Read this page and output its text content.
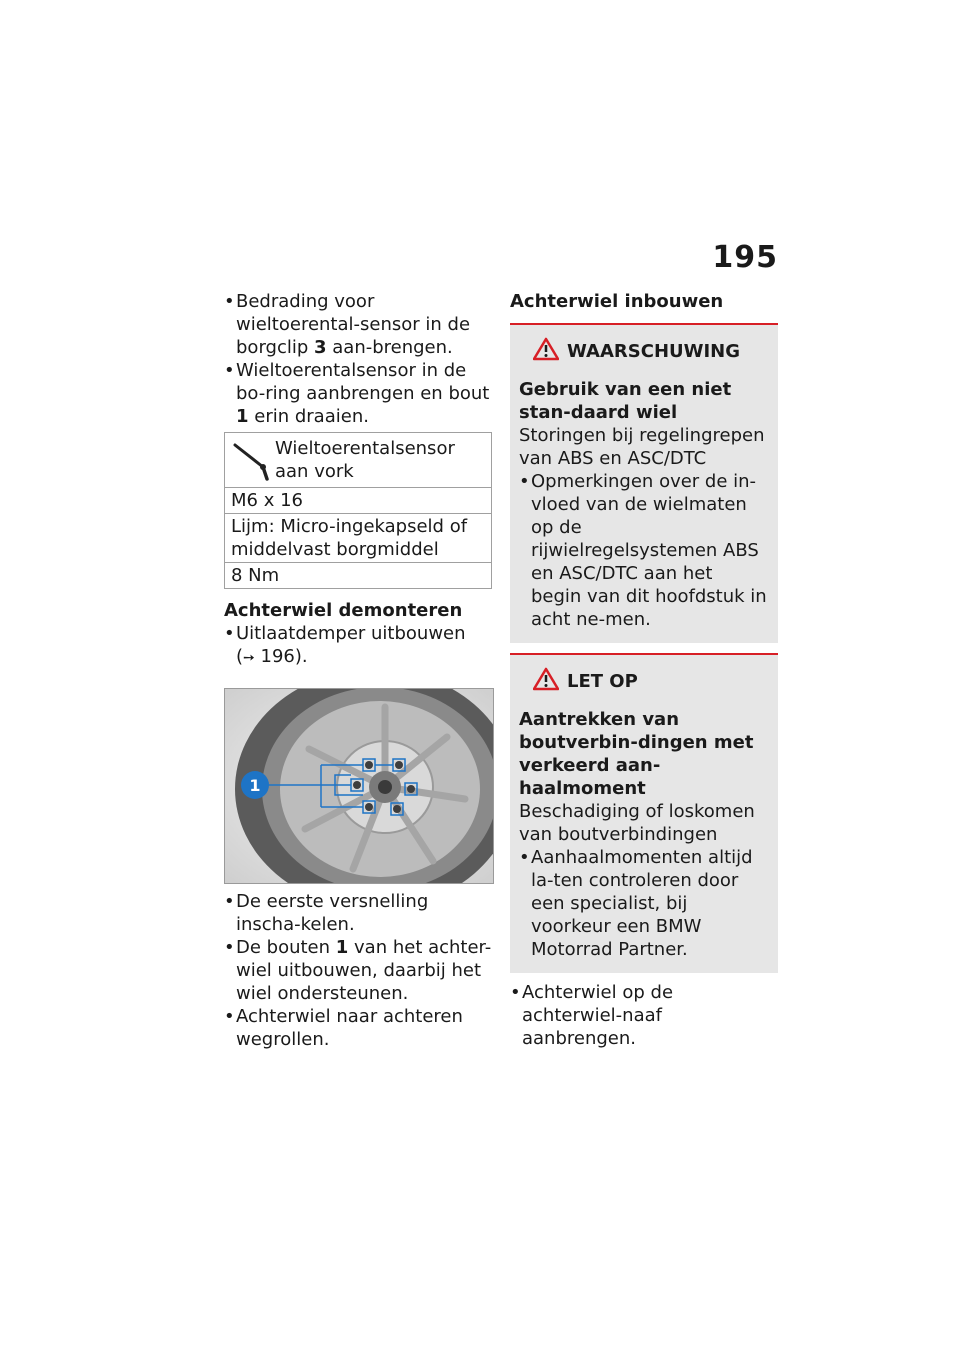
195
• Bedrading voor wieltoerental-sensor in de borgclip 3 aan-brengen.
• Wieltoerentalsensor in de bo-ring aanbrengen en bout 1 erin draaien.
Wieltoerentalsensor aan vork
M6 x 16
Lijm: Micro-ingekapseld of middelvast borgmiddel
8 Nm
Achterwiel demonteren
• Uitlaatdemper uitbouwen
(➙ 196).
1
• De eerste versnelling inscha-kelen.
• De bouten 1 van het achter-wiel uitbouwen, daarbij het wiel ondersteunen.
• Achterwiel naar achteren wegrollen.
Achterwiel inbouwen
WAARSCHUWING
Gebruik van een niet stan-daard wiel
Storingen bij regelingrepen van ABS en ASC/DTC
• Opmerkingen over de in-vloed van de wielmaten op de rijwielregelsystemen ABS en ASC/DTC aan het begin van dit hoofdstuk in acht ne-men.
LET OP
Aantrekken van boutverbin-dingen met verkeerd aan-haalmoment
Beschadiging of loskomen van boutverbindingen
• Aanhaalmomenten altijd la-ten controleren door een specialist, bij voorkeur een BMW Motorrad Partner.
• Achterwiel op de achterwiel-naaf aanbrengen.
